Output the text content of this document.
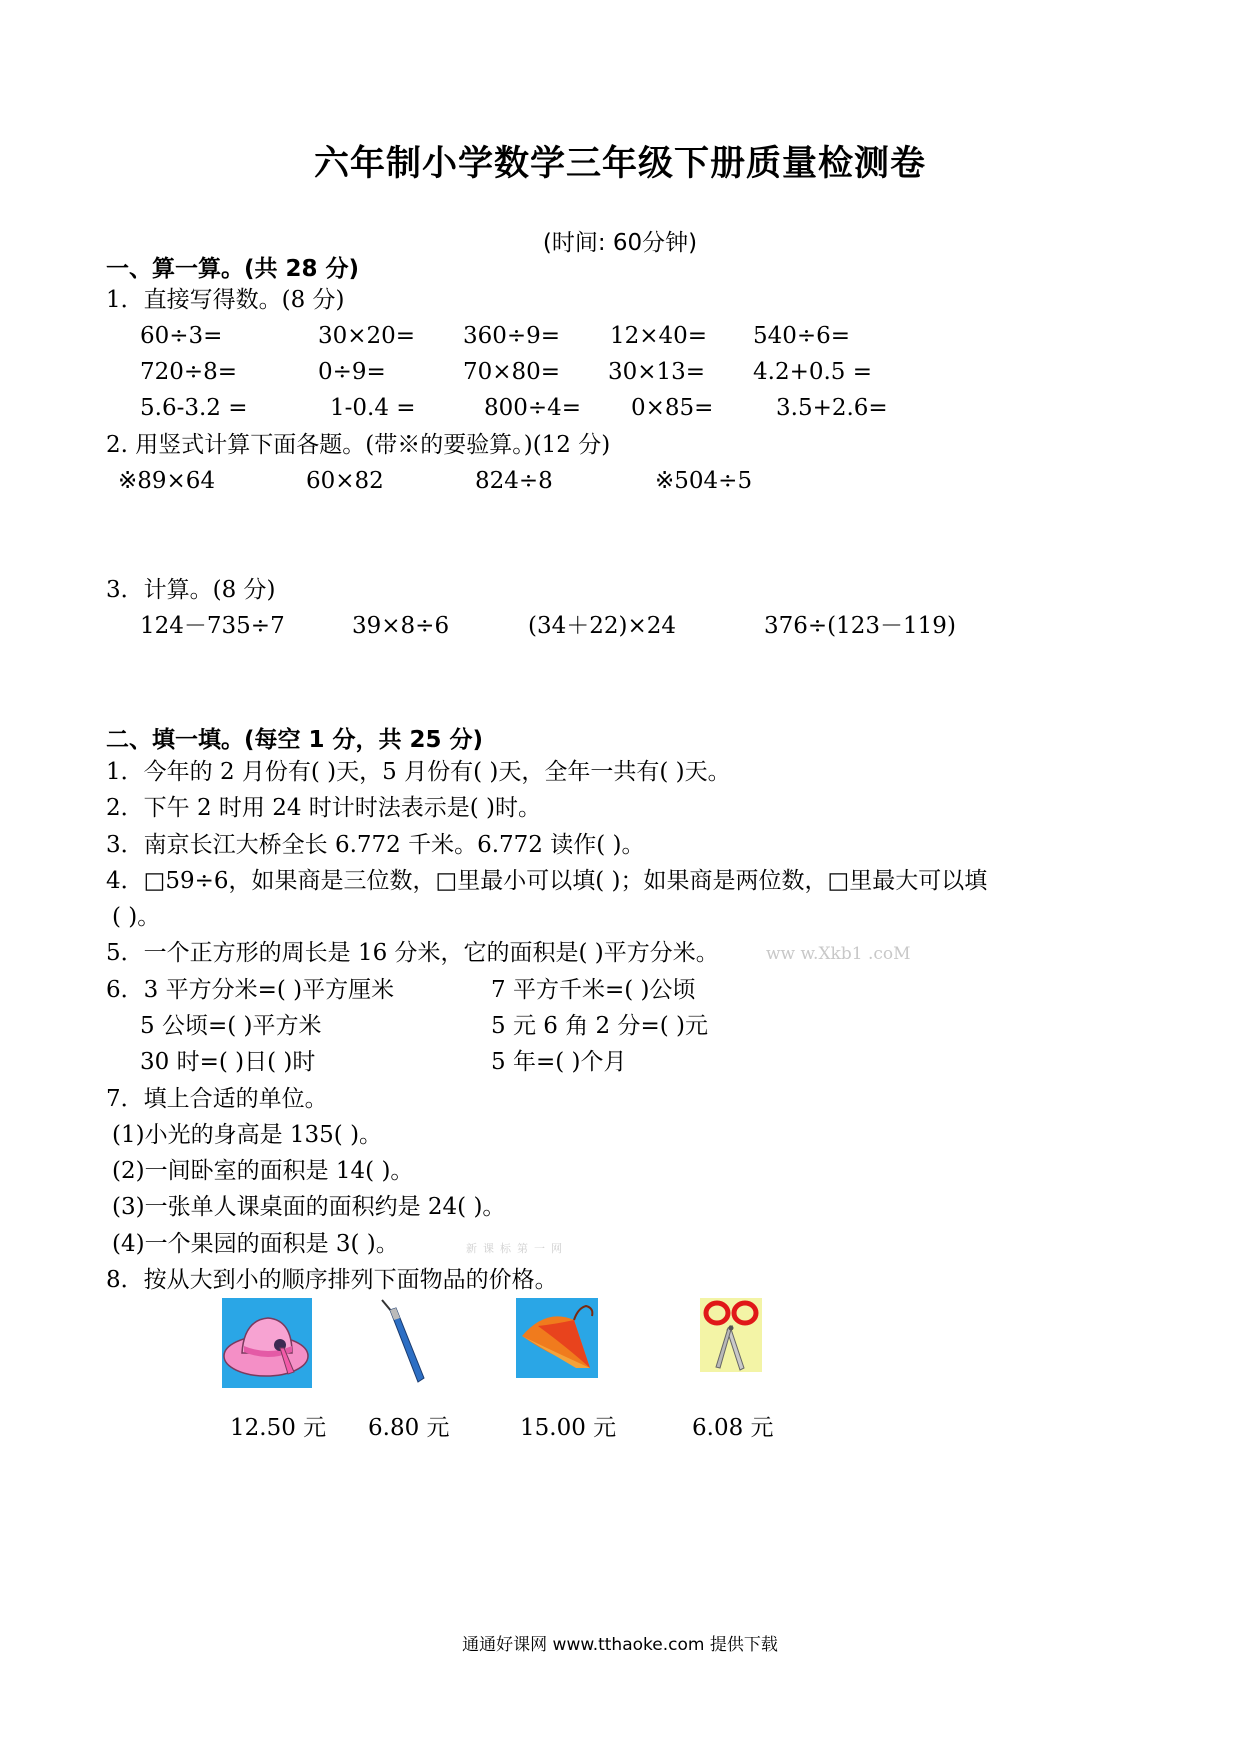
六年制小学数学三年级下册质量检测卷
(时间: 60分钟)
一、算一算。(共 28 分)
1．直接写得数。(8 分)
60÷3=	30×20= 360÷9= 12×40= 540÷6=
720÷8=	0÷9=	70×80= 30×13= 4.2+0.5 =
5.6-3.2 =	1-0.4 =	800÷4= 0×85=	3.5+2.6=
2. 用竖式计算下面各题。(带※的要验算。)(12 分)
※89×64	60×82	824÷8	※504÷5
3．计算。(8 分)
124－735÷7	39×8÷6	(34＋22)×24	376÷(123－119)
二、填一填。(每空 1 分，共 25 分)
1．今年的 2 月份有( )天，5 月份有( )天，全年一共有( )天。
2．下午 2 时用 24 时计时法表示是( )时。
3．南京长江大桥全长 6.772 千米。6.772 读作( )。
4．□59÷6，如果商是三位数，□里最小可以填( )；如果商是两位数，□里最大可以填
( )。
5．一个正方形的周长是 16 分米，它的面积是( )平方分米。	ww w.Xkb1 .coM
6．3 平方分米=( )平方厘米	7 平方千米=( )公顷
5 公顷=( )平方米	5 元 6 角 2 分=( )元
30 时=( )日( )时	5 年=( )个月
7．填上合适的单位。
(1)小光的身高是 135( )。
(2)一间卧室的面积是 14( )。
(3)一张单人课桌面的面积约是 24( )。
(4)一个果园的面积是 3( )。	新课标第一网
8．按从大到小的顺序排列下面物品的价格。
12.50 元 6.80 元	15.00 元	6.08 元
通通好课网 www.tthaoke.com 提供下载
